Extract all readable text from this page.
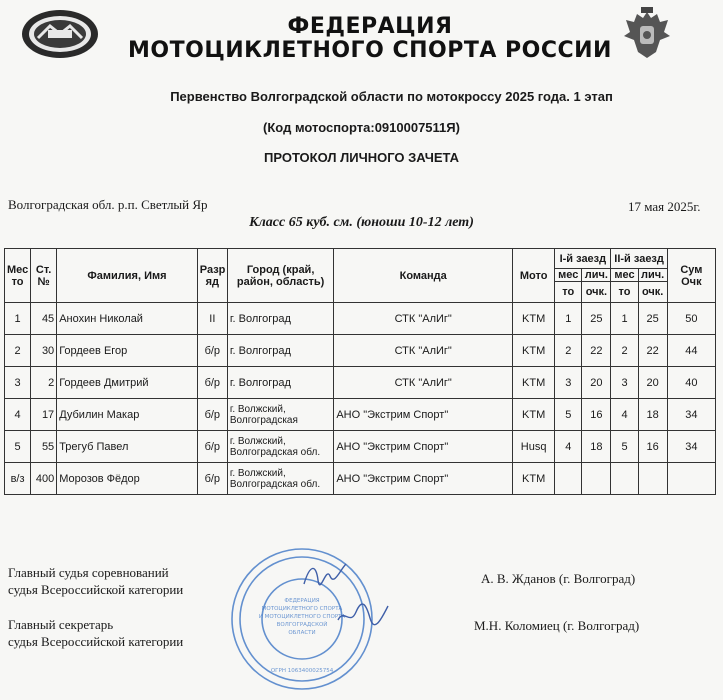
ФЕДЕРАЦИЯ
МОТОЦИКЛЕТНОГО СПОРТА РОССИИ
Первенство Волгоградской области по мотокроссу 2025 года. 1 этап
(Код мотоспорта:0910007511Я)
ПРОТОКОЛ ЛИЧНОГО ЗАЧЕТА
Волгоградская обл. р.п. Светлый Яр	17 мая 2025г.
Класс 65 куб. см. (юноши 10-12 лет)
Мес то	Ст. №	Фамилия, Имя	Разр яд	Город (край, район, область)	Команда	Мото	I-й заезд		II-й заезд		Сум Очк
							мес	лич.	мес	лич.	
							то	очк.	то	очк.	
1	45	Анохин Николай	II	г. Волгоград	СТК "АлИг"	KTM	1	25	1	25	50
2	30	Гордеев Егор	б/р	г. Волгоград	СТК "АлИг"	KTM	2	22	2	22	44
3	2	Гордеев Дмитрий	б/р	г. Волгоград	СТК "АлИг"	KTM	3	20	3	20	40
4	17	Дубилин Макар	б/р	г. Волжский, Волгоградская	АНО "Экстрим Спорт"	KTM	5	16	4	18	34
5	55	Трегуб Павел	б/р	г. Волжский, Волгоградская обл.	АНО "Экстрим Спорт"	Husq	4	18	5	16	34
в/з	400	Морозов Фёдор	б/р	г. Волжский, Волгоградская обл.	АНО "Экстрим Спорт"	KTM					
ФЕДЕРАЦИЯ
МОТОЦИКЛЕТНОГО СПОРТА
И МОТОЦИКЛЕТНОГО СПОРТА
ВОЛГОГРАДСКОЙ
ОБЛАСТИ
ОГРН 1063400025754
Главный судья соревнований
судья Всероссийской категории
А. В. Жданов (г. Волгоград)
Главный секретарь
судья Всероссийской категории
М.Н. Коломиец (г. Волгоград)
